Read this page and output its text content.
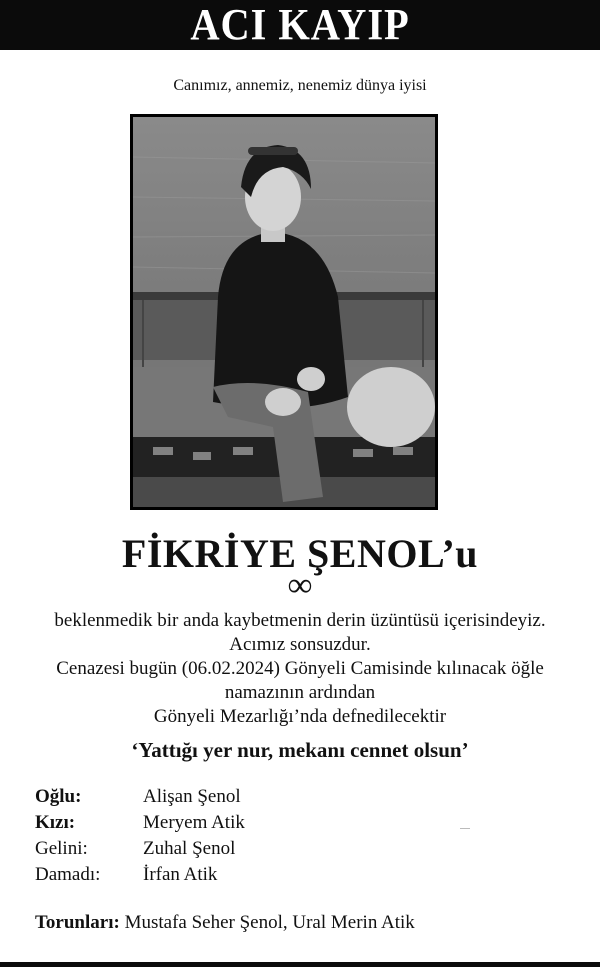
ACI KAYIP
Canımız, annemiz, nenemiz dünya iyisi
FİKRİYE ŞENOL’u
∞

beklenmedik bir anda kaybetmenin derin üzüntüsü içerisindeyiz.

Acımız sonsuzdur.

Cenazesi bugün (06.02.2024) Gönyeli Camisinde kılınacak öğle

namazının ardından

Gönyeli Mezarlığı’nda defnedilecektir

‘Yattığı yer nur, mekanı cennet olsun’
Oğlu:	Alişan Şenol
Kızı:	Meryem Atik
Gelini:	Zuhal Şenol
Damadı:	İrfan Atik
Torunları: Mustafa Seher Şenol, Ural Merin Atik
